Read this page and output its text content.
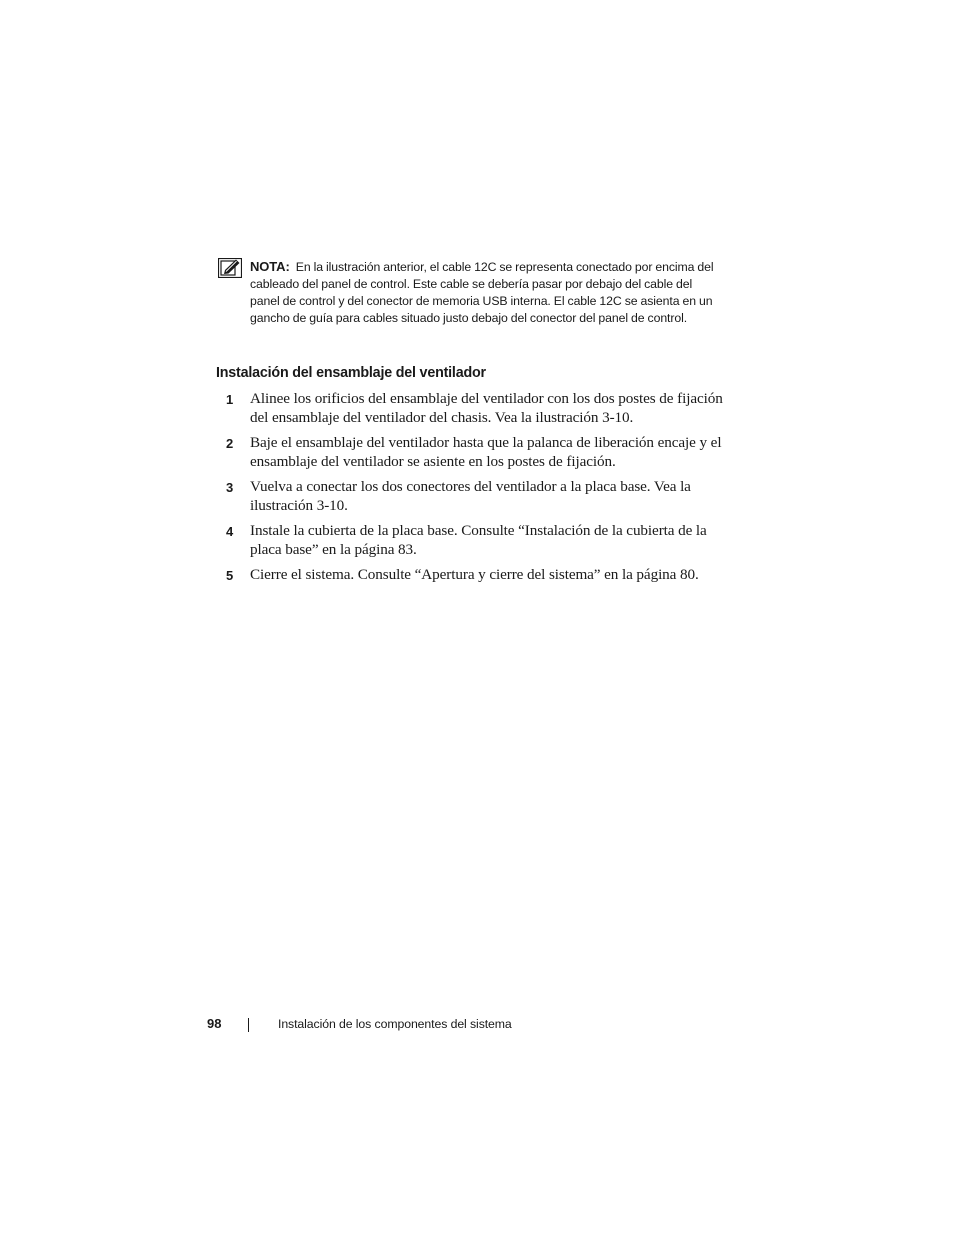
NOTA: En la ilustración anterior, el cable 12C se representa conectado por encima del cableado del panel de control. Este cable se debería pasar por debajo del cable del panel de control y del conector de memoria USB interna. El cable 12C se asienta en un gancho de guía para cables situado justo debajo del conector del panel de control.
Instalación del ensamblaje del ventilador
1 Alinee los orificios del ensamblaje del ventilador con los dos postes de fijación del ensamblaje del ventilador del chasis. Vea la ilustración 3-10.
2 Baje el ensamblaje del ventilador hasta que la palanca de liberación encaje y el ensamblaje del ventilador se asiente en los postes de fijación.
3 Vuelva a conectar los dos conectores del ventilador a la placa base. Vea la ilustración 3-10.
4 Instale la cubierta de la placa base. Consulte “Instalación de la cubierta de la placa base” en la página 83.
5 Cierre el sistema. Consulte “Apertura y cierre del sistema” en la página 80.
98	Instalación de los componentes del sistema
